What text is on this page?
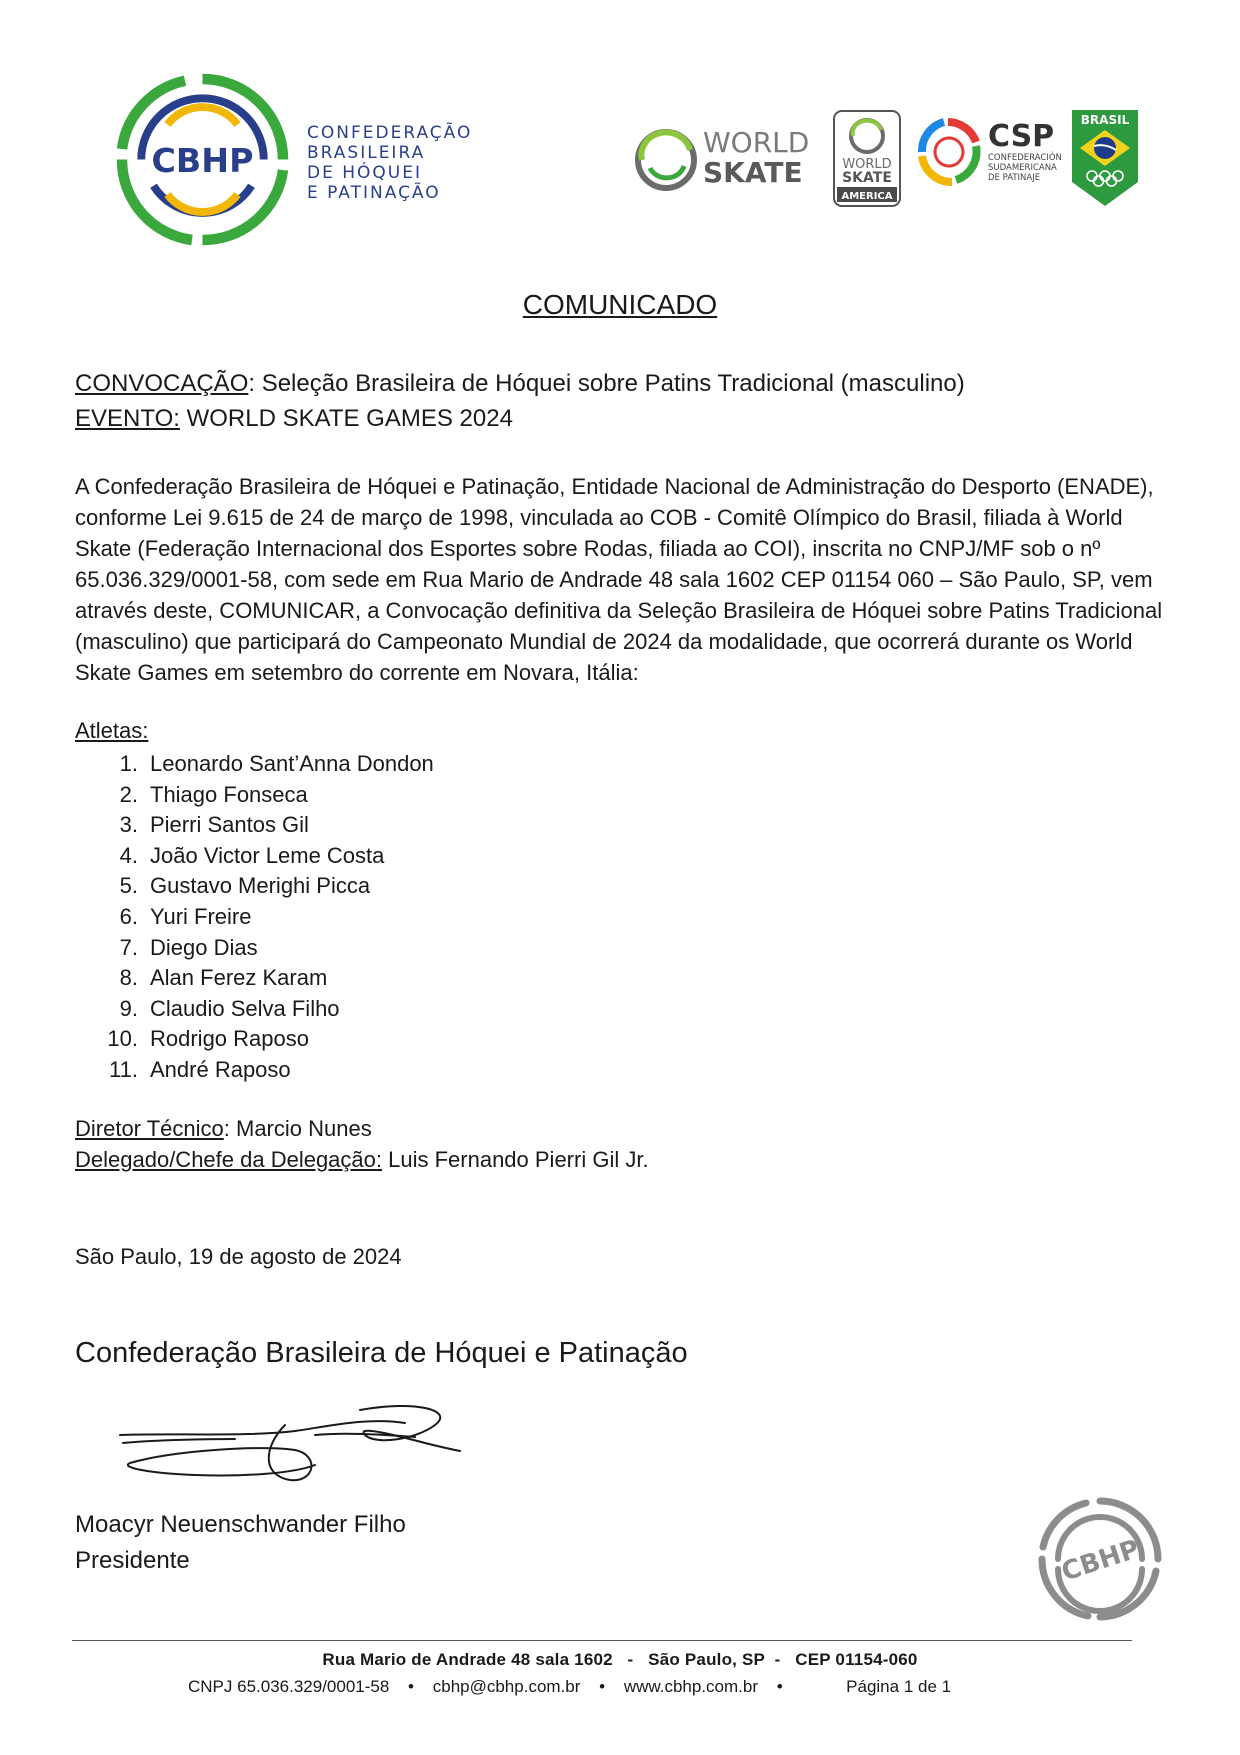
CBHP
CONFEDERAÇÃO
BRASILEIRA
DE HÓQUEI
E PATINAÇÃO
WORLD
SKATE	WORLD
SKATE
AMERICA
CSP
CONFEDERACIÓN
SUDAMERICANA
DE PATINAJE
BRASIL
COMUNICADO
CONVOCAÇÃO: Seleção Brasileira de Hóquei sobre Patins Tradicional (masculino)
EVENTO: WORLD SKATE GAMES 2024

A Confederação Brasileira de Hóquei e Patinação, Entidade Nacional de Administração do Desporto (ENADE), conforme Lei 9.615 de 24 de março de 1998, vinculada ao COB - Comitê Olímpico do Brasil, filiada à World Skate (Federação Internacional dos Esportes sobre Rodas, filiada ao COI), inscrita no CNPJ/MF sob o nº 65.036.329/0001-58, com sede em Rua Mario de Andrade 48 sala 1602 CEP 01154 060 – São Paulo, SP, vem através deste, COMUNICAR, a Convocação definitiva da Seleção Brasileira de Hóquei sobre Patins Tradicional (masculino) que participará do Campeonato Mundial de 2024 da modalidade, que ocorrerá durante os World Skate Games em setembro do corrente em Novara, Itália:

Atletas:
1. Leonardo Sant’Anna Dondon
2. Thiago Fonseca
3. Pierri Santos Gil
4. João Victor Leme Costa
5. Gustavo Merighi Picca
6. Yuri Freire
7. Diego Dias
8. Alan Ferez Karam
9. Claudio Selva Filho
10. Rodrigo Raposo
11. André Raposo
Diretor Técnico: Marcio Nunes
Delegado/Chefe da Delegação: Luis Fernando Pierri Gil Jr.
São Paulo, 19 de agosto de 2024
Confederação Brasileira de Hóquei e Patinação
Moacyr Neuenschwander Filho
Presidente	CBHP
Rua Mario de Andrade 48 sala 1602   -   São Paulo, SP  -   CEP 01154-060
CNPJ 65.036.329/0001-58 • cbhp@cbhp.com.br • www.cbhp.com.br •	Página 1 de 1
